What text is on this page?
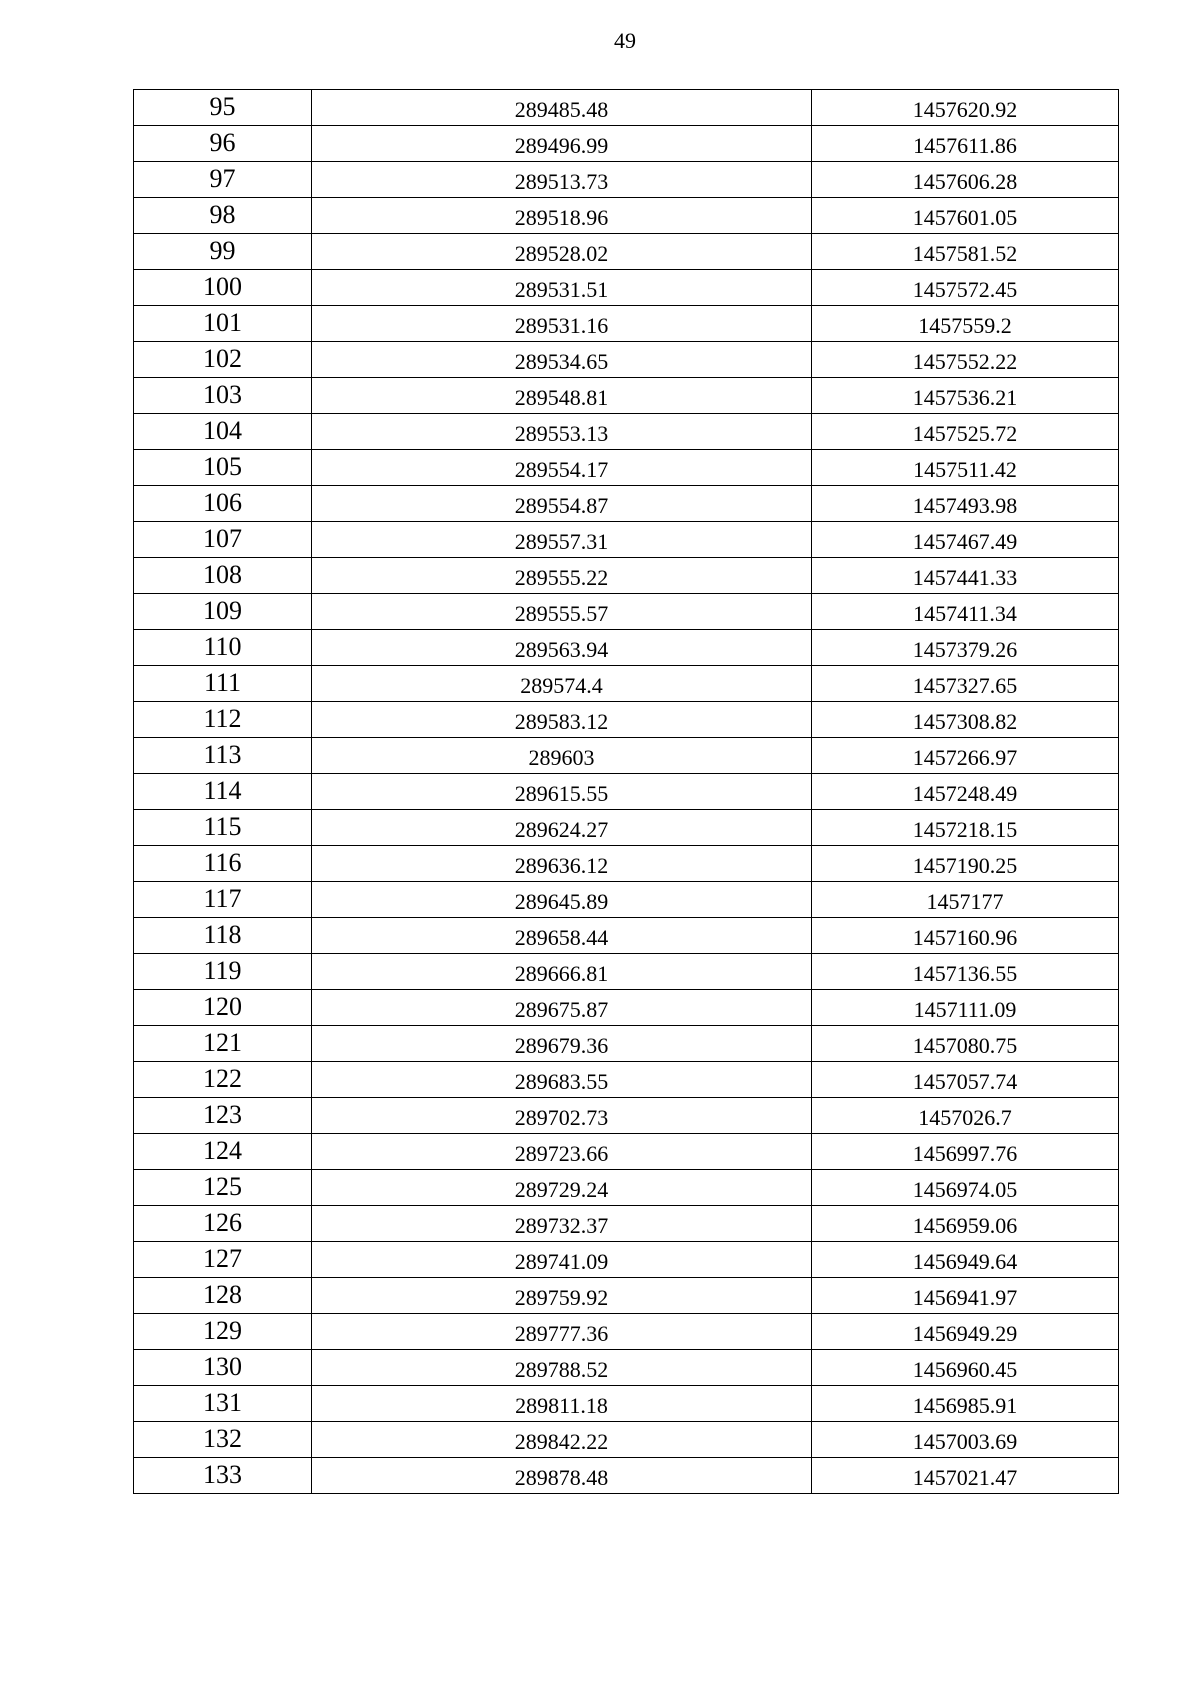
49
95	289485.48	1457620.92
96	289496.99	1457611.86
97	289513.73	1457606.28
98	289518.96	1457601.05
99	289528.02	1457581.52
100	289531.51	1457572.45
101	289531.16	1457559.2
102	289534.65	1457552.22
103	289548.81	1457536.21
104	289553.13	1457525.72
105	289554.17	1457511.42
106	289554.87	1457493.98
107	289557.31	1457467.49
108	289555.22	1457441.33
109	289555.57	1457411.34
110	289563.94	1457379.26
111	289574.4	1457327.65
112	289583.12	1457308.82
113	289603	1457266.97
114	289615.55	1457248.49
115	289624.27	1457218.15
116	289636.12	1457190.25
117	289645.89	1457177
118	289658.44	1457160.96
119	289666.81	1457136.55
120	289675.87	1457111.09
121	289679.36	1457080.75
122	289683.55	1457057.74
123	289702.73	1457026.7
124	289723.66	1456997.76
125	289729.24	1456974.05
126	289732.37	1456959.06
127	289741.09	1456949.64
128	289759.92	1456941.97
129	289777.36	1456949.29
130	289788.52	1456960.45
131	289811.18	1456985.91
132	289842.22	1457003.69
133	289878.48	1457021.47
